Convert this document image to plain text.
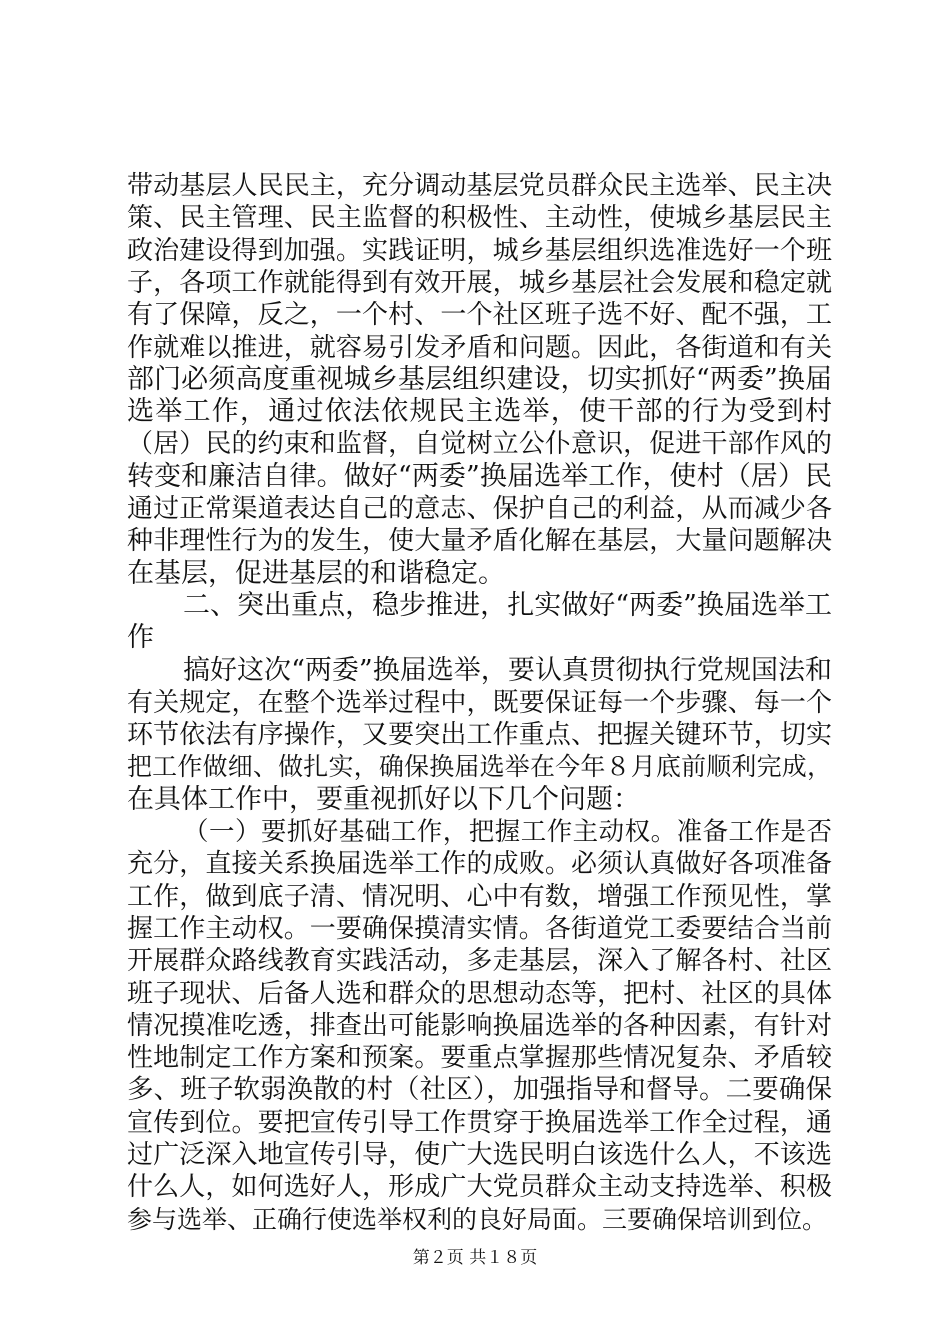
带动基层人民民主，充分调动基层党员群众民主选举、民主决
策、民主管理、民主监督的积极性、主动性，使城乡基层民主
政治建设得到加强。实践证明，城乡基层组织选准选好一个班
子，各项工作就能得到有效开展，城乡基层社会发展和稳定就
有了保障，反之，一个村、一个社区班子选不好、配不强，工
作就难以推进，就容易引发矛盾和问题。因此，各街道和有关
部门必须高度重视城乡基层组织建设，切实抓好“两委”换届
选举工作，通过依法依规民主选举，使干部的行为受到村
（居）民的约束和监督，自觉树立公仆意识，促进干部作风的
转变和廉洁自律。做好“两委”换届选举工作，使村（居）民
通过正常渠道表达自己的意志、保护自己的利益，从而减少各
种非理性行为的发生，使大量矛盾化解在基层，大量问题解决
在基层，促进基层的和谐稳定。
二、突出重点，稳步推进，扎实做好“两委”换届选举工
作
搞好这次“两委”换届选举，要认真贯彻执行党规国法和
有关规定，在整个选举过程中，既要保证每一个步骤、每一个
环节依法有序操作，又要突出工作重点、把握关键环节，切实
把工作做细、做扎实，确保换届选举在今年８月底前顺利完成，
在具体工作中，要重视抓好以下几个问题：
（一）要抓好基础工作，把握工作主动权。准备工作是否
充分，直接关系换届选举工作的成败。必须认真做好各项准备
工作，做到底子清、情况明、心中有数，增强工作预见性，掌
握工作主动权。一要确保摸清实情。各街道党工委要结合当前
开展群众路线教育实践活动，多走基层，深入了解各村、社区
班子现状、后备人选和群众的思想动态等，把村、社区的具体
情况摸准吃透，排查出可能影响换届选举的各种因素，有针对
性地制定工作方案和预案。要重点掌握那些情况复杂、矛盾较
多、班子软弱涣散的村（社区），加强指导和督导。二要确保
宣传到位。要把宣传引导工作贯穿于换届选举工作全过程，通
过广泛深入地宣传引导，使广大选民明白该选什么人，不该选
什么人，如何选好人，形成广大党员群众主动支持选举、积极
参与选举、正确行使选举权利的良好局面。三要确保培训到位。
第２页 共１８页
